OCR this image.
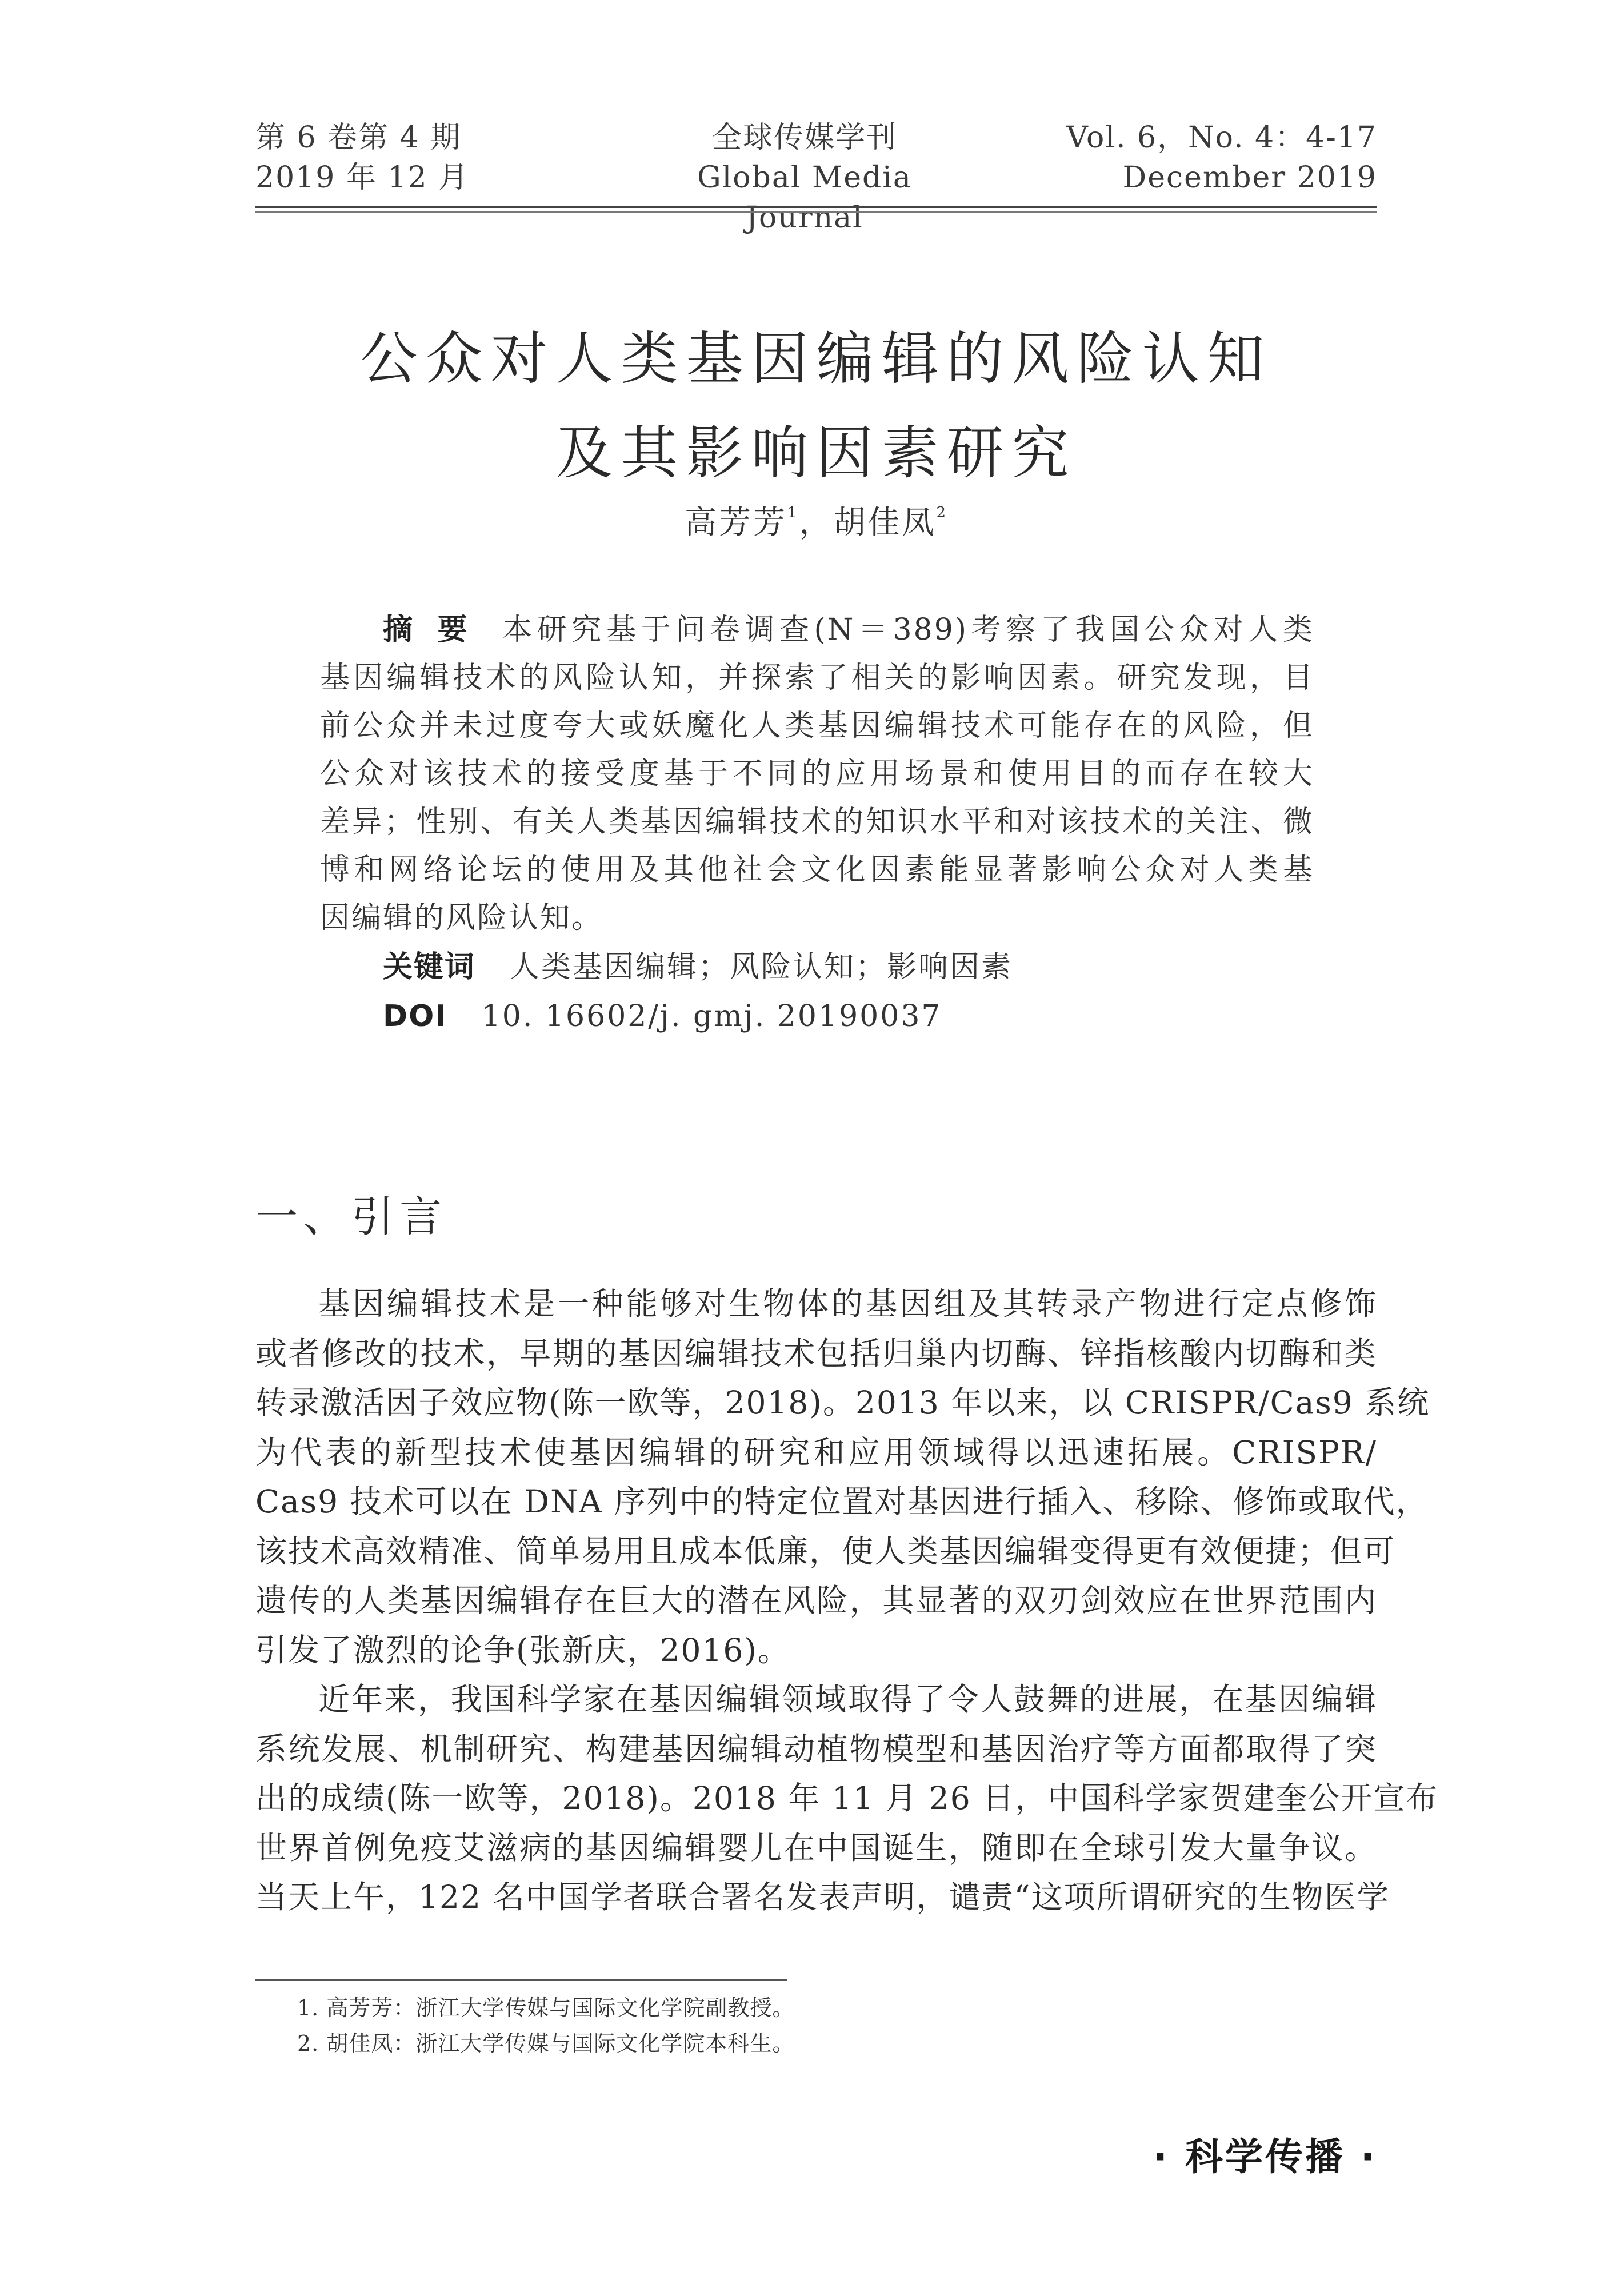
第 6 卷第 4 期
2019 年 12 月
全球传媒学刊
Global Media Journal
Vol. 6，No. 4：4-17
December 2019
公众对人类基因编辑的风险认知
及其影响因素研究
高芳芳$^1$，胡佳凤$^2$
摘要 本研究基于问卷调查(N＝389)考察了我国公众对人类
基因编辑技术的风险认知，并探索了相关的影响因素。研究发现，目
前公众并未过度夸大或妖魔化人类基因编辑技术可能存在的风险，但
公众对该技术的接受度基于不同的应用场景和使用目的而存在较大
差异；性别、有关人类基因编辑技术的知识水平和对该技术的关注、微
博和网络论坛的使用及其他社会文化因素能显著影响公众对人类基
因编辑的风险认知。
关键词 人类基因编辑；风险认知；影响因素
DOI 10. 16602/j. gmj. 20190037
一、引言
基因编辑技术是一种能够对生物体的基因组及其转录产物进行定点修饰
或者修改的技术，早期的基因编辑技术包括归巢内切酶、锌指核酸内切酶和类
转录激活因子效应物(陈一欧等，2018)。2013 年以来，以 CRISPR/Cas9 系统
为代表的新型技术使基因编辑的研究和应用领域得以迅速拓展。CRISPR/
Cas9 技术可以在 DNA 序列中的特定位置对基因进行插入、移除、修饰或取代，
该技术高效精准、简单易用且成本低廉，使人类基因编辑变得更有效便捷；但可
遗传的人类基因编辑存在巨大的潜在风险，其显著的双刃剑效应在世界范围内
引发了激烈的论争(张新庆，2016)。
近年来，我国科学家在基因编辑领域取得了令人鼓舞的进展，在基因编辑
系统发展、机制研究、构建基因编辑动植物模型和基因治疗等方面都取得了突
出的成绩(陈一欧等，2018)。2018 年 11 月 26 日，中国科学家贺建奎公开宣布
世界首例免疫艾滋病的基因编辑婴儿在中国诞生，随即在全球引发大量争议。
当天上午，122 名中国学者联合署名发表声明，谴责“这项所谓研究的生物医学
1. 高芳芳：浙江大学传媒与国际文化学院副教授。
2. 胡佳凤：浙江大学传媒与国际文化学院本科生。
· 科学传播 ·
